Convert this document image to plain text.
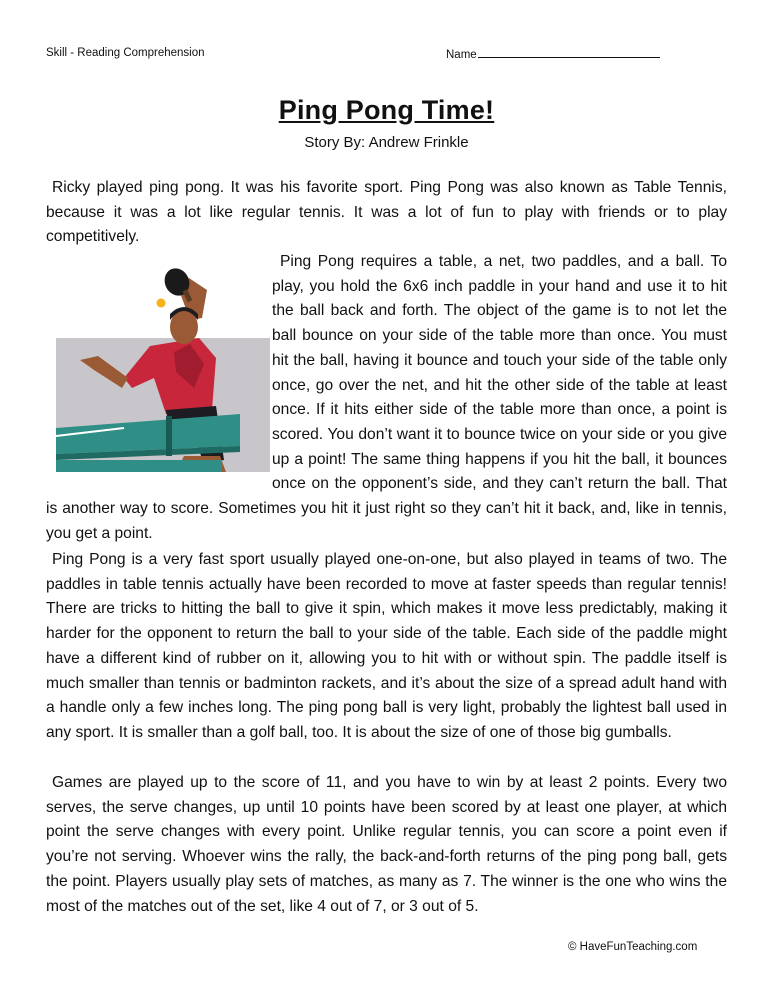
Skill - Reading Comprehension	Name
Ping Pong Time!
Story By: Andrew Frinkle

Ricky played ping pong. It was his favorite sport. Ping Pong was also known as Table Tennis, because it was a lot like regular tennis. It was a lot of fun to play with friends or to play competitively.

Ping Pong requires a table, a net, two paddles, and a ball. To play, you hold the 6x6 inch paddle in your hand and use it to hit the ball back and forth. The object of the game is to not let the ball bounce on your side of the table more than once. You must hit the ball, having it bounce and touch your side of the table only once, go over the net, and hit the other side of the table at least once. If it hits either side of the table more than once, a point is scored. You don’t want it to bounce twice on your side or you give up a point! The same thing happens if you hit the ball, it bounces once on the opponent’s side, and they can’t return the ball. That is another way to score. Sometimes you hit it just right so they can’t hit it back, and, like in tennis, you get a point.

Ping Pong is a very fast sport usually played one-on-one, but also played in teams of two. The paddles in table tennis actually have been recorded to move at faster speeds than regular tennis! There are tricks to hitting the ball to give it spin, which makes it move less predictably, making it harder for the opponent to return the ball to your side of the table. Each side of the paddle might have a different kind of rubber on it, allowing you to hit with or without spin. The paddle itself is much smaller than tennis or badminton rackets, and it’s about the size of a spread adult hand with a handle only a few inches long. The ping pong ball is very light, probably the lightest ball used in any sport. It is smaller than a golf ball, too. It is about the size of one of those big gumballs.

Games are played up to the score of 11, and you have to win by at least 2 points. Every two serves, the serve changes, up until 10 points have been scored by at least one player, at which point the serve changes with every point. Unlike regular tennis, you can score a point even if you’re not serving. Whoever wins the rally, the back-and-forth returns of the ping pong ball, gets the point. Players usually play sets of matches, as many as 7. The winner is the one who wins the most of the matches out of the set, like 4 out of 7, or 3 out of 5.

© HaveFunTeaching.com
